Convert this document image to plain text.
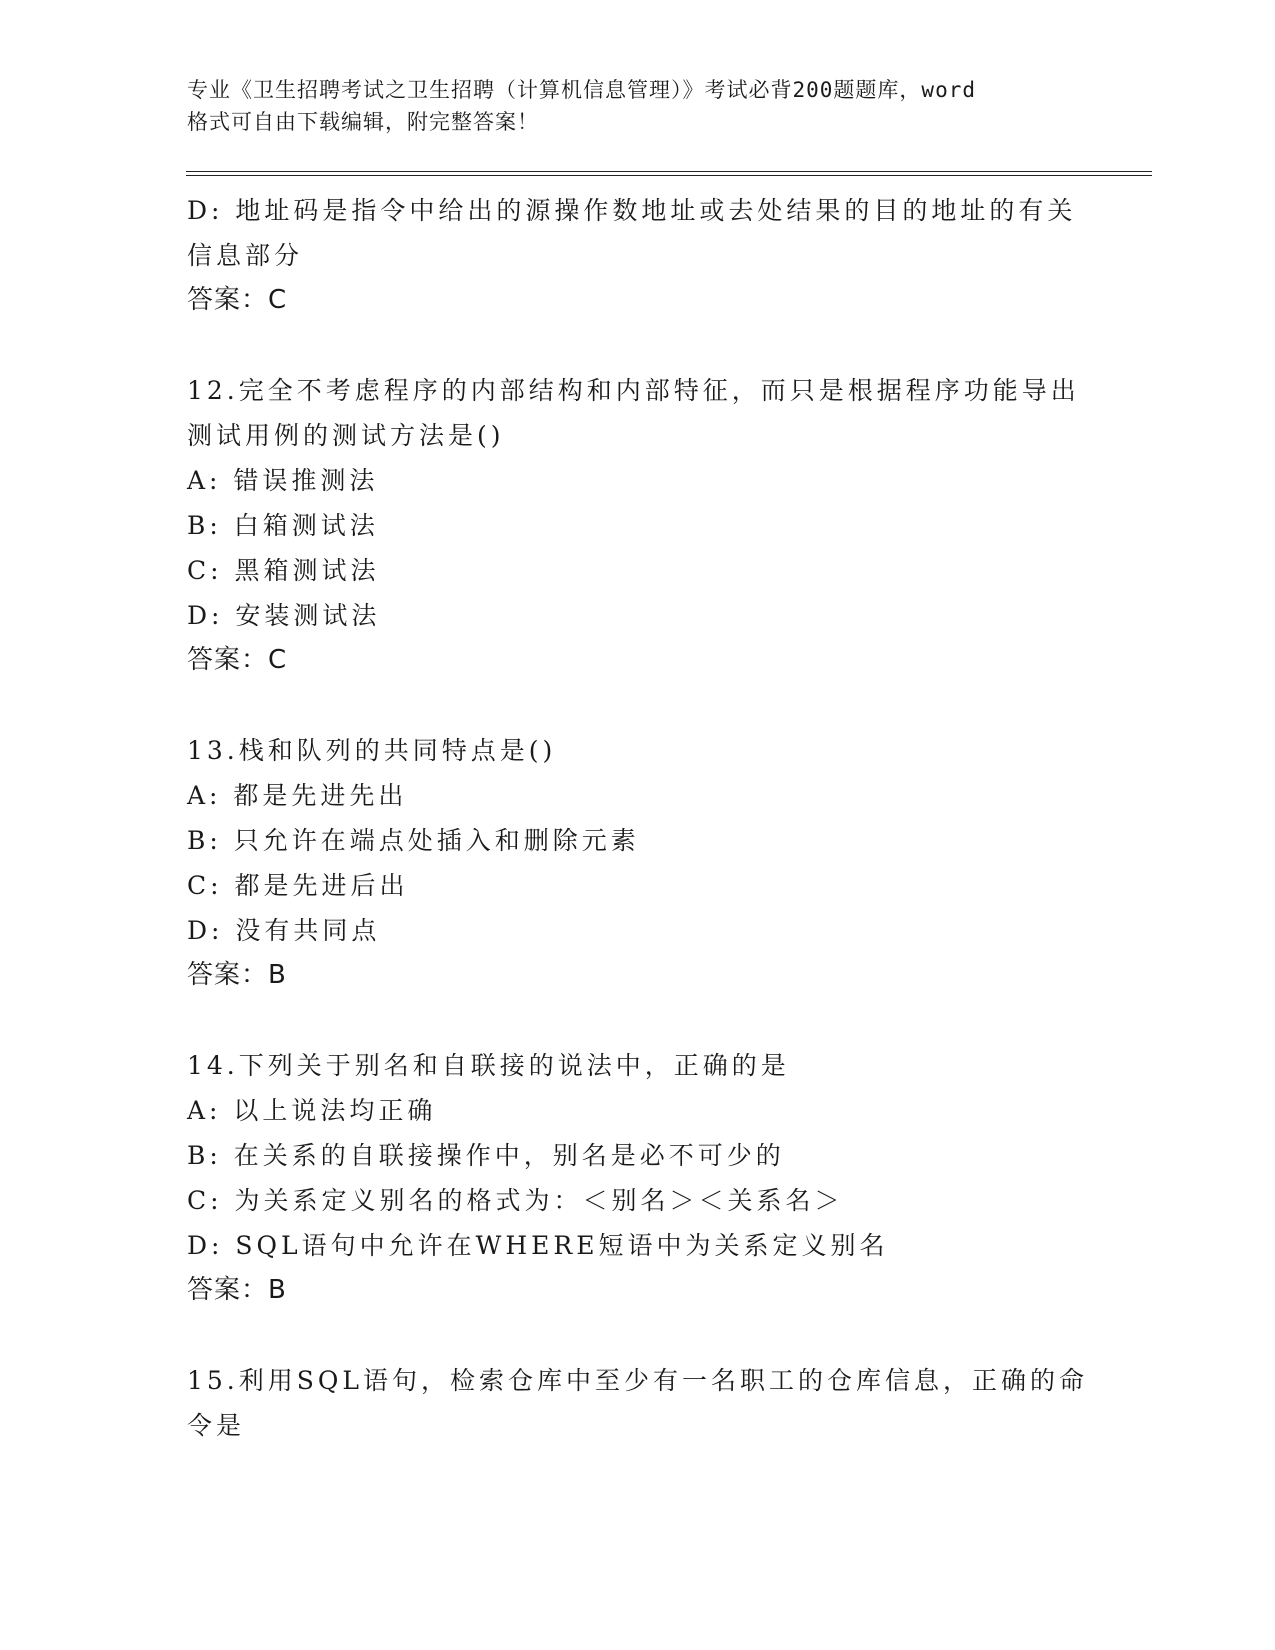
专业《卫生招聘考试之卫生招聘（计算机信息管理）》考试必背200题题库，word
格式可自由下载编辑，附完整答案！
D: 地址码是指令中给出的源操作数地址或去处结果的目的地址的有关
信息部分
答案：C
12.完全不考虑程序的内部结构和内部特征，而只是根据程序功能导出
测试用例的测试方法是()
A: 错误推测法
B: 白箱测试法
C: 黑箱测试法
D: 安装测试法
答案：C
13.栈和队列的共同特点是()
A: 都是先进先出
B: 只允许在端点处插入和删除元素
C: 都是先进后出
D: 没有共同点
答案：B
14.下列关于别名和自联接的说法中，正确的是
A: 以上说法均正确
B: 在关系的自联接操作中，别名是必不可少的
C: 为关系定义别名的格式为：＜别名＞＜关系名＞
D: SQL语句中允许在WHERE短语中为关系定义别名
答案：B
15.利用SQL语句，检索仓库中至少有一名职工的仓库信息，正确的命
令是
